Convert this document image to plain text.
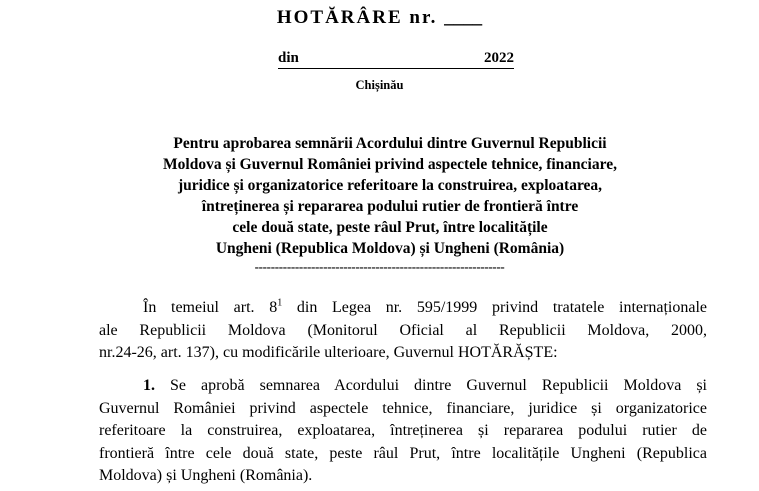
HOTĂRÂRE nr. ____
din	2022
Chișinău
Pentru aprobarea semnării Acordului dintre Guvernul Republicii
Moldova și Guvernul României privind aspectele tehnice, financiare,
juridice și organizatorice referitoare la construirea, exploatarea,
întreținerea și repararea podului rutier de frontieră între
cele două state, peste râul Prut, între localitățile
Ungheni (Republica Moldova) și Ungheni (România)
--------------------------------------------------------------
În temeiul art. $8^1$ din Legea nr. 595/1999 privind tratatele internaționale
ale Republicii Moldova (Monitorul Oficial al Republicii Moldova, 2000,
nr.24-26, art. 137), cu modificările ulterioare, Guvernul HOTĂRĂȘTE:
1. Se aprobă semnarea Acordului dintre Guvernul Republicii Moldova și
Guvernul României privind aspectele tehnice, financiare, juridice și organizatorice
referitoare la construirea, exploatarea, întreținerea și repararea podului rutier de
frontieră între cele două state, peste râul Prut, între localitățile Ungheni (Republica
Moldova) și Ungheni (România).
